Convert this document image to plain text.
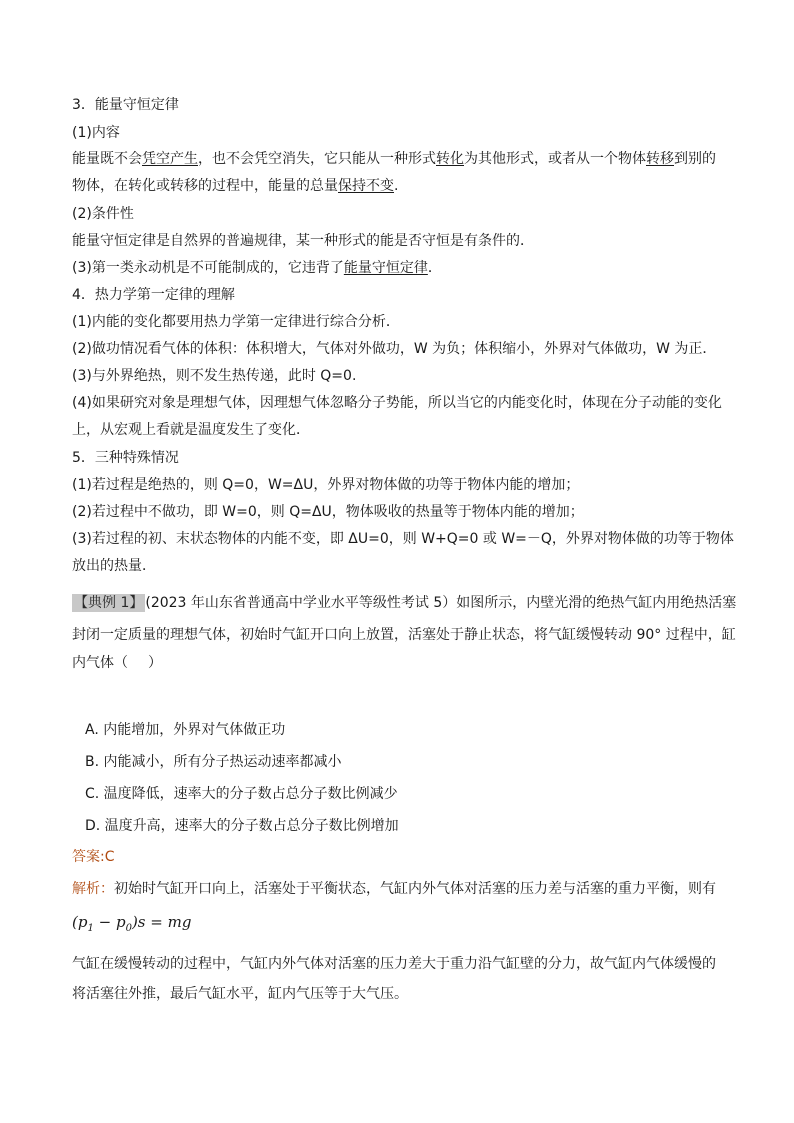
3．能量守恒定律
(1)内容
能量既不会凭空产生，也不会凭空消失，它只能从一种形式转化为其他形式，或者从一个物体转移到别的
物体，在转化或转移的过程中，能量的总量保持不变.
(2)条件性
能量守恒定律是自然界的普遍规律，某一种形式的能是否守恒是有条件的．
(3)第一类永动机是不可能制成的，它违背了能量守恒定律．
4．热力学第一定律的理解
(1)内能的变化都要用热力学第一定律进行综合分析．
(2)做功情况看气体的体积：体积增大，气体对外做功，W 为负；体积缩小，外界对气体做功，W 为正．
(3)与外界绝热，则不发生热传递，此时 Q=0.
(4)如果研究对象是理想气体，因理想气体忽略分子势能，所以当它的内能变化时，体现在分子动能的变化
上，从宏观上看就是温度发生了变化．
5．三种特殊情况
(1)若过程是绝热的，则 Q=0，W=ΔU，外界对物体做的功等于物体内能的增加；
(2)若过程中不做功，即 W=0，则 Q=ΔU，物体吸收的热量等于物体内能的增加；
(3)若过程的初、末状态物体的内能不变，即 ΔU=0，则 W+Q=0 或 W=－Q，外界对物体做的功等于物体
放出的热量．
【典例 1】 (2023 年山东省普通高中学业水平等级性考试 5）如图所示，内壁光滑的绝热气缸内用绝热活塞
封闭一定质量的理想气体，初始时气缸开口向上放置，活塞处于静止状态，将气缸缓慢转动 90° 过程中，缸
内气体（ ）
A. 内能增加，外界对气体做正功
B. 内能减小，所有分子热运动速率都减小
C. 温度降低，速率大的分子数占总分子数比例减少
D. 温度升高，速率大的分子数占总分子数比例增加
答案:C
解析：初始时气缸开口向上，活塞处于平衡状态，气缸内外气体对活塞的压力差与活塞的重力平衡，则有
$(p_1 - p_0)s$ = mg
气缸在缓慢转动的过程中，气缸内外气体对活塞的压力差大于重力沿气缸壁的分力，故气缸内气体缓慢的
将活塞往外推，最后气缸水平，缸内气压等于大气压。
